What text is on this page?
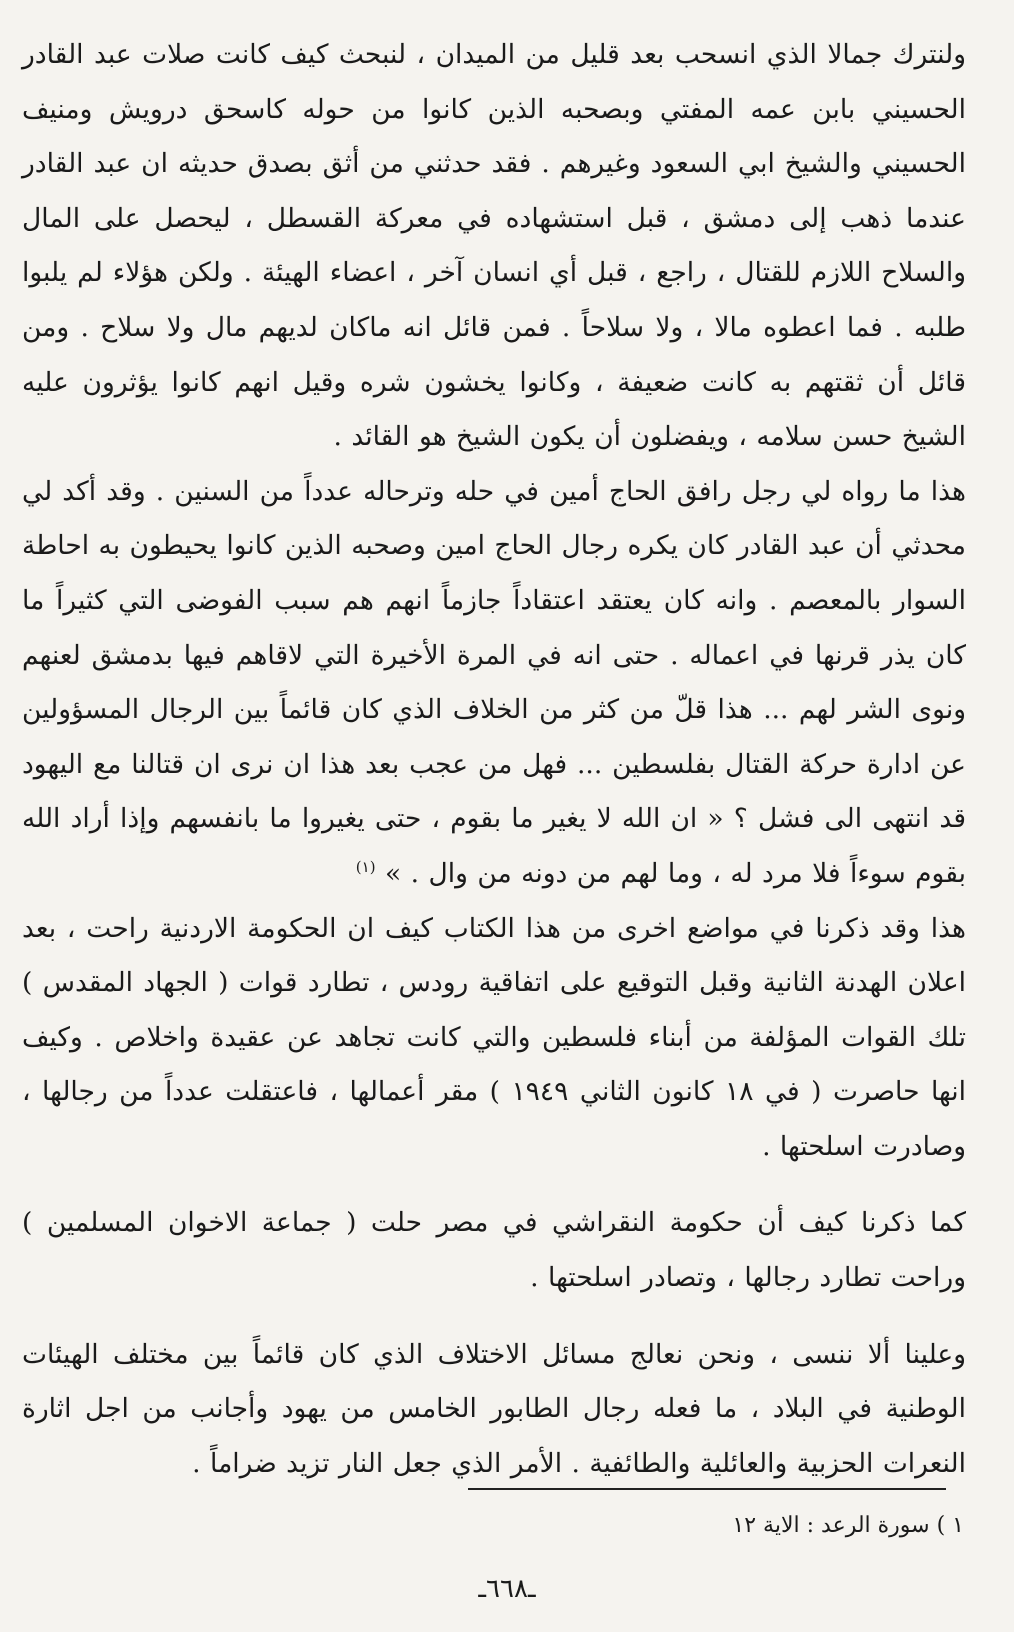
ولنترك جمالا الذي انسحب بعد قليل من الميدان ، لنبحث كيف كانت صلات عبد القادر الحسيني بابن عمه المفتي وبصحبه الذين كانوا من حوله كاسحق درويش ومنيف الحسيني والشيخ ابي السعود وغيرهم . فقد حدثني من أثق بصدق حديثه ان عبد القادر عندما ذهب إلى دمشق ، قبل استشهاده في معركة القسطل ، ليحصل على المال والسلاح اللازم للقتال ، راجع ، قبل أي انسان آخر ، اعضاء الهيئة . ولكن هؤلاء لم يلبوا طلبه . فما اعطوه مالا ، ولا سلاحاً . فمن قائل انه ماكان لديهم مال ولا سلاح . ومن قائل أن ثقتهم به كانت ضعيفة ، وكانوا يخشون شره وقيل انهم كانوا يؤثرون عليه الشيخ حسن سلامه ، ويفضلون أن يكون الشيخ هو القائد .

هذا ما رواه لي رجل رافق الحاج أمين في حله وترحاله عدداً من السنين . وقد أكد لي محدثي أن عبد القادر كان يكره رجال الحاج امين وصحبه الذين كانوا يحيطون به احاطة السوار بالمعصم . وانه كان يعتقد اعتقاداً جازماً انهم هم سبب الفوضى التي كثيراً ما كان يذر قرنها في اعماله . حتى انه في المرة الأخيرة التي لاقاهم فيها بدمشق لعنهم ونوى الشر لهم ... هذا قلّ من كثر من الخلاف الذي كان قائماً بين الرجال المسؤولين عن ادارة حركة القتال بفلسطين ... فهل من عجب بعد هذا ان نرى ان قتالنا مع اليهود قد انتهى الى فشل ؟ « ان الله لا يغير ما بقوم ، حتى يغيروا ما بانفسهم وإذا أراد الله بقوم سوءاً فلا مرد له ، وما لهم من دونه من وال . » $^{(١)}$

هذا وقد ذكرنا في مواضع اخرى من هذا الكتاب كيف ان الحكومة الاردنية راحت ، بعد اعلان الهدنة الثانية وقبل التوقيع على اتفاقية رودس ، تطارد قوات ( الجهاد المقدس ) تلك القوات المؤلفة من أبناء فلسطين والتي كانت تجاهد عن عقيدة واخلاص . وكيف انها حاصرت ( في ١٨ كانون الثاني ١٩٤٩ ) مقر أعمالها ، فاعتقلت عدداً من رجالها ، وصادرت اسلحتها .

كما ذكرنا كيف أن حكومة النقراشي في مصر حلت ( جماعة الاخوان المسلمين ) وراحت تطارد رجالها ، وتصادر اسلحتها .

وعلينا ألا ننسى ، ونحن نعالج مسائل الاختلاف الذي كان قائماً بين مختلف الهيئات الوطنية في البلاد ، ما فعله رجال الطابور الخامس من يهود وأجانب من اجل اثارة النعرات الحزبية والعائلية والطائفية . الأمر الذي جعل النار تزيد ضراماً .

١ ) سورة الرعد : الاية ١٢

ـ٦٦٨ـ
